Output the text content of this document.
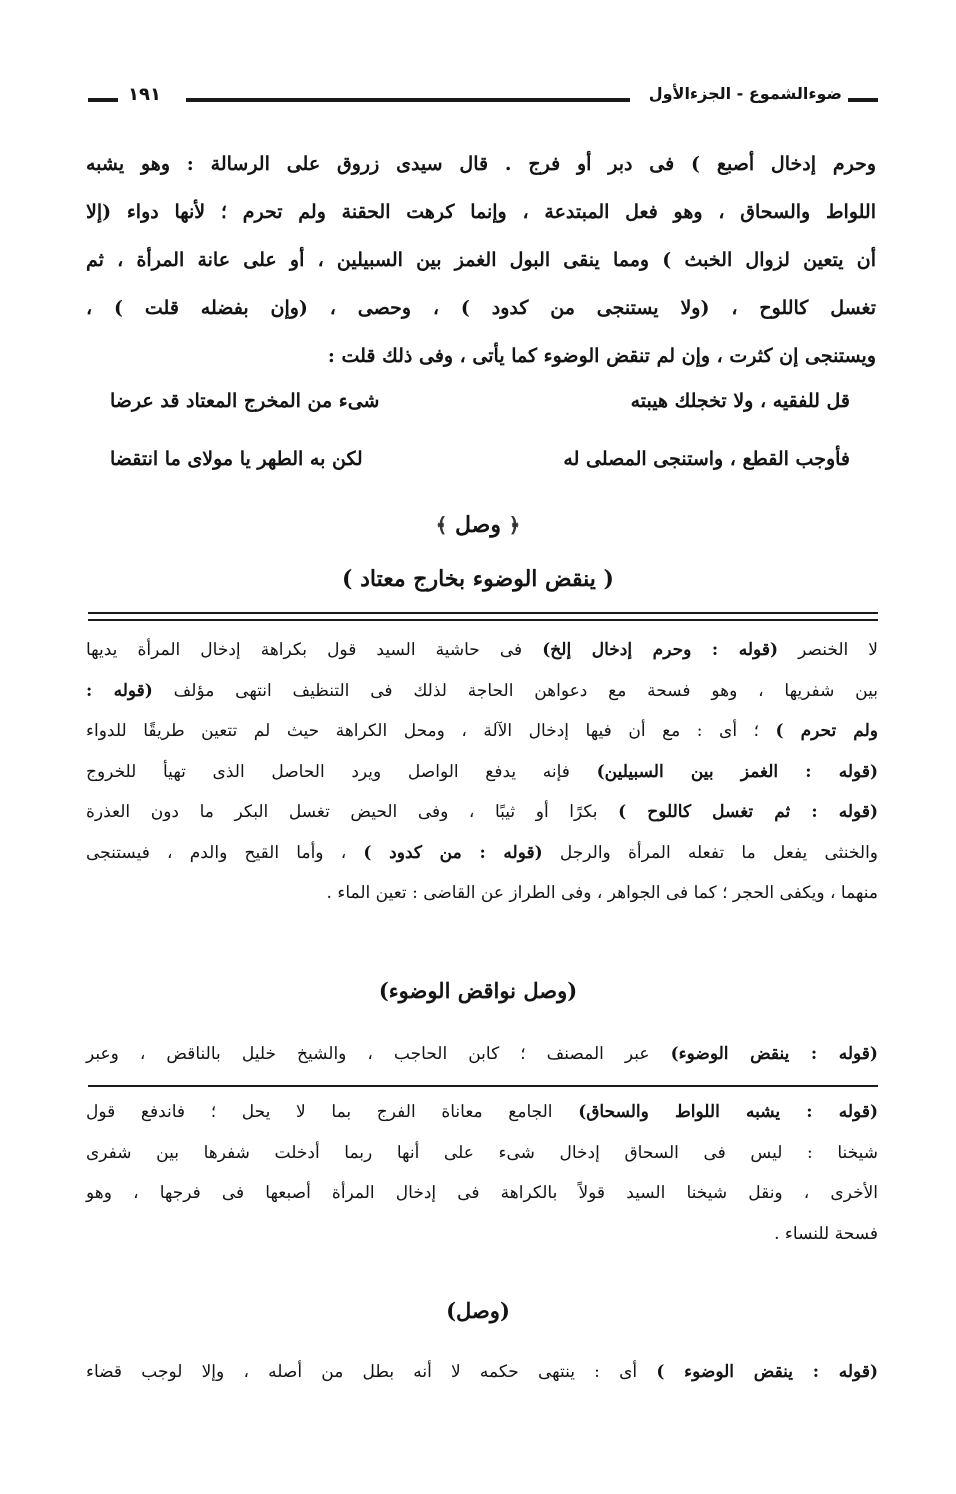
ضوءالشموع - الجزءالأول
١٩١
وحرم إدخال أصبع ) فى دبر أو فرج . قال سيدى زروق على الرسالة : وهو يشبه
اللواط والسحاق ، وهو فعل المبتدعة ، وإنما كرهت الحقنة ولم تحرم ؛ لأنها دواء (إلا
أن يتعين لزوال الخبث ) ومما ينقى البول الغمز بين السبيلين ، أو على عانة المرأة ، ثم
تغسل كاللوح ، (ولا يستنجى من كدود ) ، وحصى ، (وإن بفضله قلت ) ،
ويستنجى إن كثرت ، وإن لم تنقض الوضوء كما يأتى ، وفى ذلك قلت :
قل للفقيه ، ولا تخجلك هيبته
شىء من المخرج المعتاد قد عرضا
فأوجب القطع ، واستنجى المصلى له
لكن به الطهر يا مولاى ما انتقضا
﴿ وصل ﴾
( ينقض الوضوء بخارج معتاد )
لا الخنصر (قوله : وحرم إدخال إلخ) فى حاشية السيد قول بكراهة إدخال المرأة يديها
بين شفريها ، وهو فسحة مع دعواهن الحاجة لذلك فى التنظيف انتهى مؤلف (قوله :
ولم تحرم ) ؛ أى : مع أن فيها إدخال الآلة ، ومحل الكراهة حيث لم تتعين طريقًا للدواء
(قوله : الغمز بين السبيلين) فإنه يدفع الواصل ويرد الحاصل الذى تهيأ للخروج
(قوله : ثم تغسل كاللوح ) بكرًا أو ثيبًا ، وفى الحيض تغسل البكر ما دون العذرة
والخنثى يفعل ما تفعله المرأة والرجل (قوله : من كدود ) ، وأما القيح والدم ، فيستنجى
منهما ، ويكفى الحجر ؛ كما فى الجواهر ، وفى الطراز عن القاضى : تعين الماء .
(وصل نواقض الوضوء)
(قوله : ينقض الوضوء) عبر المصنف ؛ كابن الحاجب ، والشيخ خليل بالناقض ، وعبر
(قوله : يشبه اللواط والسحاق) الجامع معاناة الفرج بما لا يحل ؛ فاندفع قول
شيخنا : ليس فى السحاق إدخال شىء على أنها ربما أدخلت شفرها بين شفرى
الأخرى ، ونقل شيخنا السيد قولاً بالكراهة فى إدخال المرأة أصبعها فى فرجها ، وهو
فسحة للنساء .
(وصل)
(قوله : ينقض الوضوء ) أى : ينتهى حكمه لا أنه بطل من أصله ، وإلا لوجب قضاء
